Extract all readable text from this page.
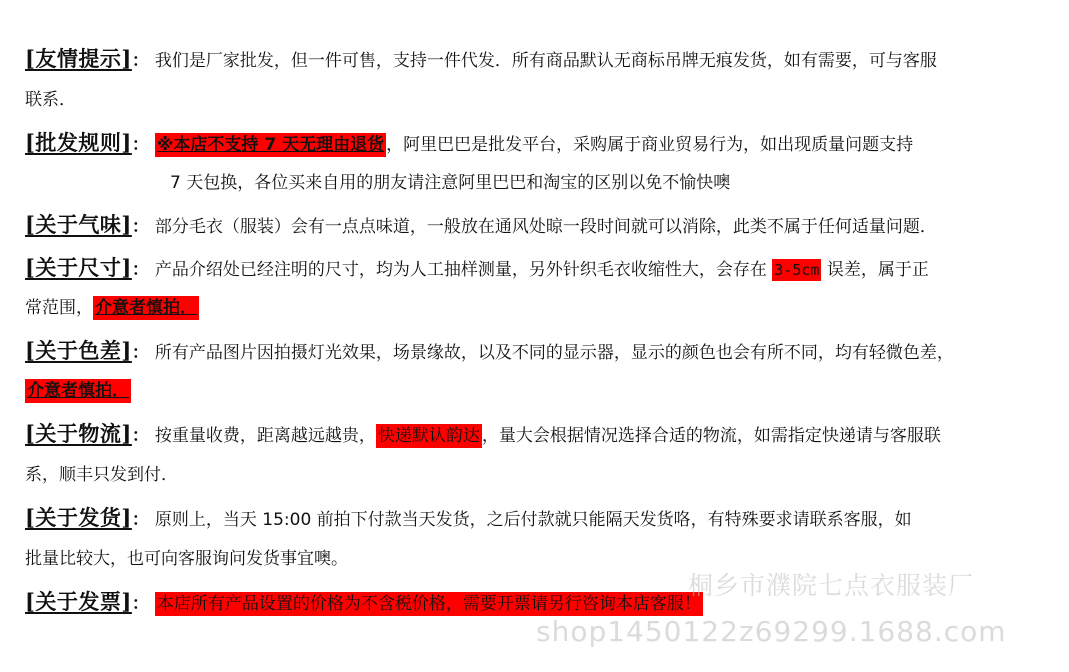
[友情提示]： 我们是厂家批发，但一件可售，支持一件代发．所有商品默认无商标吊牌无痕发货，如有需要，可与客服
联系．
[批发规则]： ※本店不支持 7 天无理由退货 ，阿里巴巴是批发平台，采购属于商业贸易行为，如出现质量问题支持
7 天包换，各位买来自用的朋友请注意阿里巴巴和淘宝的区别以免不愉快噢
[关于气味]： 部分毛衣（服装）会有一点点味道，一般放在通风处晾一段时间就可以消除，此类不属于任何适量问题．
[关于尺寸]： 产品介绍处已经注明的尺寸，均为人工抽样测量，另外针织毛衣收缩性大，会存在 3-5cm 误差，属于正
常范围， 介意者慎拍．
[关于色差]： 所有产品图片因拍摄灯光效果，场景缘故，以及不同的显示器，显示的颜色也会有所不同，均有轻微色差，
介意者慎拍．
[关于物流]： 按重量收费，距离越远越贵， 快递默认韵达 ，量大会根据情况选择合适的物流，如需指定快递请与客服联
系，顺丰只发到付．
[关于发货]： 原则上，当天 15:00 前拍下付款当天发货，之后付款就只能隔天发货咯，有特殊要求请联系客服，如
批量比较大，也可向客服询问发货事宜噢。
[关于发票]： 本店所有产品设置的价格为不含税价格，需要开票请另行咨询本店客服！
桐乡市濮院七点衣服装厂
shop1450122z69299.1688.com
